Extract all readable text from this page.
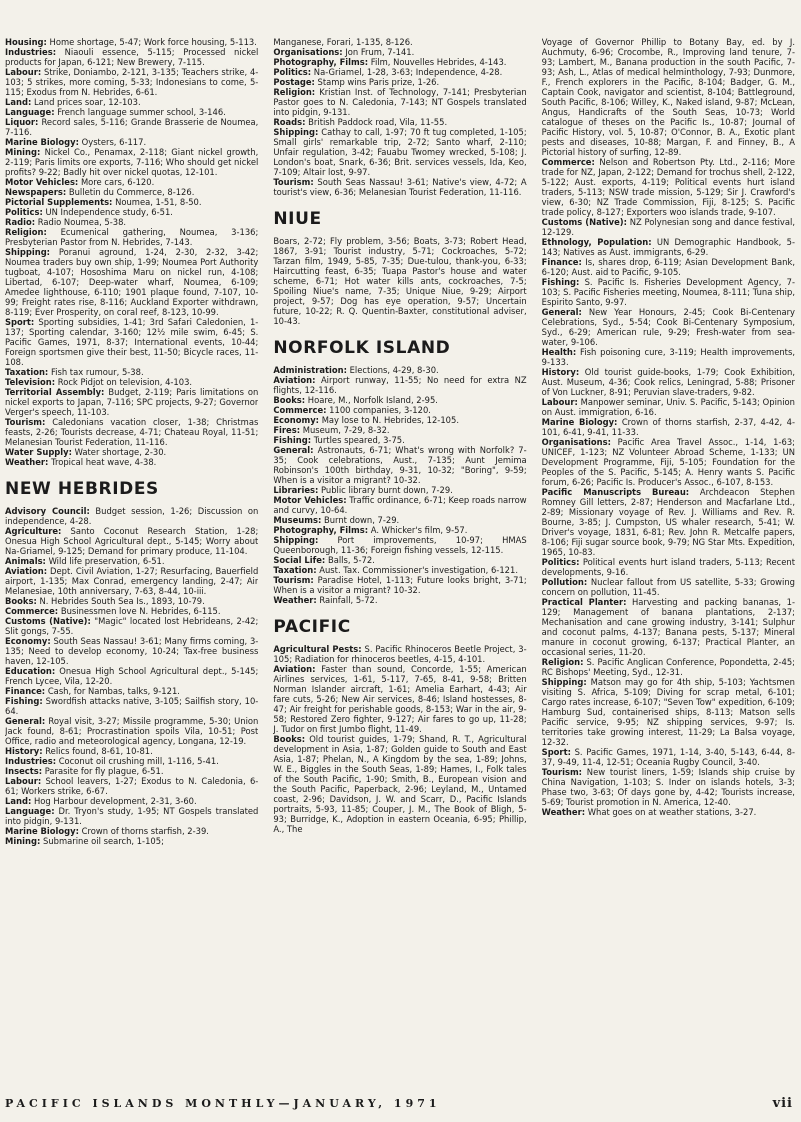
Housing: Home shortage, 5-47; Work force housing, 5-113.

Industries: Niaouli essence, 5-115; Processed nickel products for Japan, 6-121; New Brewery, 7-115.

Labour: Strike, Doniambo, 2-121, 3-135; Teachers strike, 4-103; 5 strikes, more coming, 5-33; Indonesians to come, 5-115; Exodus from N. Hebrides, 6-61.

Land: Land prices soar, 12-103.

Language: French language summer school, 3-146.

Liquor: Record sales, 5-116; Grande Brasserie de Noumea, 7-116.

Marine Biology: Oysters, 6-117.

Mining: Nickel Co., Penamax, 2-118; Giant nickel growth, 2-119; Paris limits ore exports, 7-116; Who should get nickel profits? 9-22; Badly hit over nickel quotas, 12-101.

Motor Vehicles: More cars, 6-120.

Newspapers: Bulletin du Commerce, 8-126.

Pictorial Supplements: Noumea, 1-51, 8-50.

Politics: UN Independence study, 6-51.

Radio: Radio Noumea, 5-38.

Religion: Ecumenical gathering, Noumea, 3-136; Presbyterian Pastor from N. Hebrides, 7-143.

Shipping: Poranui aground, 1-24, 2-30, 2-32, 3-42; Noumea traders buy own ship, 1-99; Noumea Port Authority tugboat, 4-107; Hososhima Maru on nickel run, 4-108; Libertad, 6-107; Deep-water wharf, Noumea, 6-109; Amedee lighthouse, 6-110; 1901 plaque found, 7-107, 10-99; Freight rates rise, 8-116; Auckland Exporter withdrawn, 8-119; Ever Prosperity, on coral reef, 8-123, 10-99.

Sport: Sporting subsidies, 1-41; 3rd Safari Caledonien, 1-137; Sporting calendar, 3-160; 12½ mile swim, 6-45; S. Pacific Games, 1971, 8-37; International events, 10-44; Foreign sportsmen give their best, 11-50; Bicycle races, 11-108.

Taxation: Fish tax rumour, 5-38.

Television: Rock Pidjot on television, 4-103.

Territorial Assembly: Budget, 2-119; Paris limitations on nickel exports to Japan, 7-116; SPC projects, 9-27; Governor Verger's speech, 11-103.

Tourism: Caledonians vacation closer, 1-38; Christmas feasts, 2-26; Tourists decrease, 4-71; Chateau Royal, 11-51; Melanesian Tourist Federation, 11-116.

Water Supply: Water shortage, 2-30.

Weather: Tropical heat wave, 4-38.

NEW HEBRIDES

Advisory Council: Budget session, 1-26; Discussion on independence, 4-28.

Agriculture: Santo Coconut Research Station, 1-28; Onesua High School Agricultural dept., 5-145; Worry about Na-Griamel, 9-125; Demand for primary produce, 11-104.

Animals: Wild life preservation, 6-51.

Aviation: Dept. Civil Aviation, 1-27; Resurfacing, Bauerfield airport, 1-135; Max Conrad, emergency landing, 2-47; Air Melanesiae, 10th anniversary, 7-63, 8-44, 10-iii.

Books: N. Hebrides South Sea Is., 1893, 10-79.

Commerce: Businessmen love N. Hebrides, 6-115.

Customs (Native): "Magic" located lost Hebrideans, 2-42; Slit gongs, 7-55.

Economy: South Seas Nassau! 3-61; Many firms coming, 3-135; Need to develop economy, 10-24; Tax-free business haven, 12-105.

Education: Onesua High School Agricultural dept., 5-145; French Lycee, Vila, 12-20.

Finance: Cash, for Nambas, talks, 9-121.

Fishing: Swordfish attacks native, 3-105; Sailfish story, 10-64.

General: Royal visit, 3-27; Missile programme, 5-30; Union Jack found, 8-61; Procrastination spoils Vila, 10-51; Post Office, radio and meteorological agency, Longana, 12-19.

History: Relics found, 8-61, 10-81.

Industries: Coconut oil crushing mill, 1-116, 5-41.

Insects: Parasite for fly plague, 6-51.

Labour: School leavers, 1-27; Exodus to N. Caledonia, 6-61; Workers strike, 6-67.

Land: Hog Harbour development, 2-31, 3-60.

Language: Dr. Tryon's study, 1-95; NT Gospels translated into pidgin, 9-131.

Marine Biology: Crown of thorns starfish, 2-39.

Mining: Submarine oil search, 1-105;

Manganese, Forari, 1-135, 8-126.

Organisations: Jon Frum, 7-141.

Photography, Films: Film, Nouvelles Hebrides, 4-143.

Politics: Na-Griamel, 1-28, 3-63; Independence, 4-28.

Postage: Stamp wins Paris prize, 1-26.

Religion: Kristian Inst. of Technology, 7-141; Presbyterian Pastor goes to N. Caledonia, 7-143; NT Gospels translated into pidgin, 9-131.

Roads: British Paddock road, Vila, 11-55.

Shipping: Cathay to call, 1-97; 70 ft tug completed, 1-105; Small girls' remarkable trip, 2-72; Santo wharf, 2-110; Unfair regulation, 3-42; Fauabu Twomey wrecked, 5-108; J. London's boat, Snark, 6-36; Brit. services vessels, Ida, Keo, 7-109; Altair lost, 9-97.

Tourism: South Seas Nassau! 3-61; Native's view, 4-72; A tourist's view, 6-36; Melanesian Tourist Federation, 11-116.

NIUE

Boars, 2-72; Fly problem, 3-56; Boats, 3-73; Robert Head, 1867, 3-91; Tourist industry, 5-71; Cockroaches, 5-72; Tarzan film, 1949, 5-85, 7-35; Due-tulou, thank-you, 6-33; Haircutting feast, 6-35; Tuapa Pastor's house and water scheme, 6-71; Hot water kills ants, cockroaches, 7-5; Spoiling Niue's name, 7-35; Unique Niue, 9-29; Airport project, 9-57; Dog has eye operation, 9-57; Uncertain future, 10-22; R. Q. Quentin-Baxter, constitutional adviser, 10-43.

NORFOLK ISLAND

Administration: Elections, 4-29, 8-30.

Aviation: Airport runway, 11-55; No need for extra NZ flights, 12-116.

Books: Hoare, M., Norfolk Island, 2-95.

Commerce: 1100 companies, 3-120.

Economy: May lose to N. Hebrides, 12-105.

Fires: Museum, 7-29, 8-32.

Fishing: Turtles speared, 3-75.

General: Astronauts, 6-71; What's wrong with Norfolk? 7-35; Cook celebrations, Aust., 7-135; Aunt Jemima Robinson's 100th birthday, 9-31, 10-32; "Boring", 9-59; When is a visitor a migrant? 10-32.

Libraries: Public library burnt down, 7-29.

Motor Vehicles: Traffic ordinance, 6-71; Keep roads narrow and curvy, 10-64.

Museums: Burnt down, 7-29.

Photography, Films: A. Whicker's film, 9-57.

Shipping: Port improvements, 10-97; HMAS Queenborough, 11-36; Foreign fishing vessels, 12-115.

Social Life: Balls, 5-72.

Taxation: Aust. Tax. Commissioner's investigation, 6-121.

Tourism: Paradise Hotel, 1-113; Future looks bright, 3-71; When is a visitor a migrant? 10-32.

Weather: Rainfall, 5-72.

PACIFIC

Agricultural Pests: S. Pacific Rhinoceros Beetle Project, 3-105; Radiation for rhinoceros beetles, 4-15, 4-101.

Aviation: Faster than sound, Concorde, 1-55; American Airlines services, 1-61, 5-117, 7-65, 8-41, 9-58; Britten Norman Islander aircraft, 1-61; Amelia Earhart, 4-43; Air fare cuts, 5-26; New Air services, 8-46; Island hostesses, 8-47; Air freight for perishable goods, 8-153; War in the air, 9-58; Restored Zero fighter, 9-127; Air fares to go up, 11-28; J. Tudor on first Jumbo flight, 11-49.

Books: Old tourist guides, 1-79; Shand, R. T., Agricultural development in Asia, 1-87; Golden guide to South and East Asia, 1-87; Phelan, N., A Kingdom by the sea, 1-89; Johns, W. E., Biggles in the South Seas, 1-89; Hames, I., Folk tales of the South Pacific, 1-90; Smith, B., European vision and the South Pacific, Paperback, 2-96; Leyland, M., Untamed coast, 2-96; Davidson, J. W. and Scarr, D., Pacific Islands portraits, 5-93, 11-85; Couper, J. M., The Book of Bligh, 5-93; Burridge, K., Adoption in eastern Oceania, 6-95; Phillip, A., The

Voyage of Governor Phillip to Botany Bay, ed. by J. Auchmuty, 6-96; Crocombe, R., Improving land tenure, 7-93; Lambert, M., Banana production in the south Pacific, 7-93; Ash, L., Atlas of medical helminthology, 7-93; Dunmore, F., French explorers in the Pacific, 8-104; Badger, G. M., Captain Cook, navigator and scientist, 8-104; Battleground, South Pacific, 8-106; Willey, K., Naked island, 9-87; McLean, Angus, Handicrafts of the South Seas, 10-73; World catalogue of theses on the Pacific Is., 10-87; Journal of Pacific History, vol. 5, 10-87; O'Connor, B. A., Exotic plant pests and diseases, 10-88; Margan, F. and Finney, B., A Pictorial history of surfing, 12-89.

Commerce: Nelson and Robertson Pty. Ltd., 2-116; More trade for NZ, Japan, 2-122; Demand for trochus shell, 2-122, 5-122; Aust. exports, 4-119; Political events hurt island traders, 5-113; NSW trade mission, 5-129; Sir J. Crawford's view, 6-30; NZ Trade Commission, Fiji, 8-125; S. Pacific trade policy, 8-127; Exporters woo islands trade, 9-107.

Customs (Native): NZ Polynesian song and dance festival, 12-129.

Ethnology, Population: UN Demographic Handbook, 5-143; Natives as Aust. immigrants, 6-29.

Finance: Is, shares drop, 6-119; Asian Development Bank, 6-120; Aust. aid to Pacific, 9-105.

Fishing: S. Pacific Is. Fisheries Development Agency, 7-103; S. Pacific Fisheries meeting, Noumea, 8-111; Tuna ship, Espirito Santo, 9-97.

General: New Year Honours, 2-45; Cook Bi-Centenary Celebrations, Syd., 5-54; Cook Bi-Centenary Symposium, Syd., 6-29; American rule, 9-29; Fresh-water from sea-water, 9-106.

Health: Fish poisoning cure, 3-119; Health improvements, 9-133.

History: Old tourist guide-books, 1-79; Cook Exhibition, Aust. Museum, 4-36; Cook relics, Leningrad, 5-88; Prisoner of Von Luckner, 8-91; Peruvian slave-traders, 9-82.

Labour: Manpower seminar, Univ. S. Pacific, 5-143; Opinion on Aust. immigration, 6-16.

Marine Biology: Crown of thorns starfish, 2-37, 4-42, 4-101, 6-41, 9-41, 11-33.

Organisations: Pacific Area Travel Assoc., 1-14, 1-63; UNICEF, 1-123; NZ Volunteer Abroad Scheme, 1-133; UN Development Programme, Fiji, 5-105; Foundation for the Peoples of the S. Pacific, 5-145; A. Henry wants S. Pacific forum, 6-26; Pacific Is. Producer's Assoc., 6-107, 8-153.

Pacific Manuscripts Bureau: Archdeacon Stephen Romney Gill letters, 2-87; Henderson and Macfarlane Ltd., 2-89; Missionary voyage of Rev. J. Williams and Rev. R. Bourne, 3-85; J. Cumpston, US whaler research, 5-41; W. Driver's voyage, 1831, 6-81; Rev. John R. Metcalfe papers, 8-106; Fiji sugar source book, 9-79; NG Star Mts. Expedition, 1965, 10-83.

Politics: Political events hurt island traders, 5-113; Recent developments, 9-16.

Pollution: Nuclear fallout from US satellite, 5-33; Growing concern on pollution, 11-45.

Practical Planter: Harvesting and packing bananas, 1-129; Management of banana plantations, 2-137; Mechanisation and cane growing industry, 3-141; Sulphur and coconut palms, 4-137; Banana pests, 5-137; Mineral manure in coconut growing, 6-137; Practical Planter, an occasional series, 11-20.

Religion: S. Pacific Anglican Conference, Popondetta, 2-45; RC Bishops' Meeting, Syd., 12-31.

Shipping: Matson may go for 4th ship, 5-103; Yachtsmen visiting S. Africa, 5-109; Diving for scrap metal, 6-101; Cargo rates increase, 6-107; "Seven Tow" expedition, 6-109; Hamburg Sud, containerised ships, 8-113; Matson sells Pacific service, 9-95; NZ shipping services, 9-97; Is. territories take growing interest, 11-29; La Balsa voyage, 12-32.

Sport: S. Pacific Games, 1971, 1-14, 3-40, 5-143, 6-44, 8-37, 9-49, 11-4, 12-51; Oceania Rugby Council, 3-40.

Tourism: New tourist liners, 1-59; Islands ship cruise by China Navigation, 1-103; S. Inder on islands hotels, 3-3; Phase two, 3-63; Of days gone by, 4-42; Tourists increase, 5-69; Tourist promotion in N. America, 12-40.

Weather: What goes on at weather stations, 3-27.

PACIFIC ISLANDS MONTHLY—JANUARY, 1971	vii
